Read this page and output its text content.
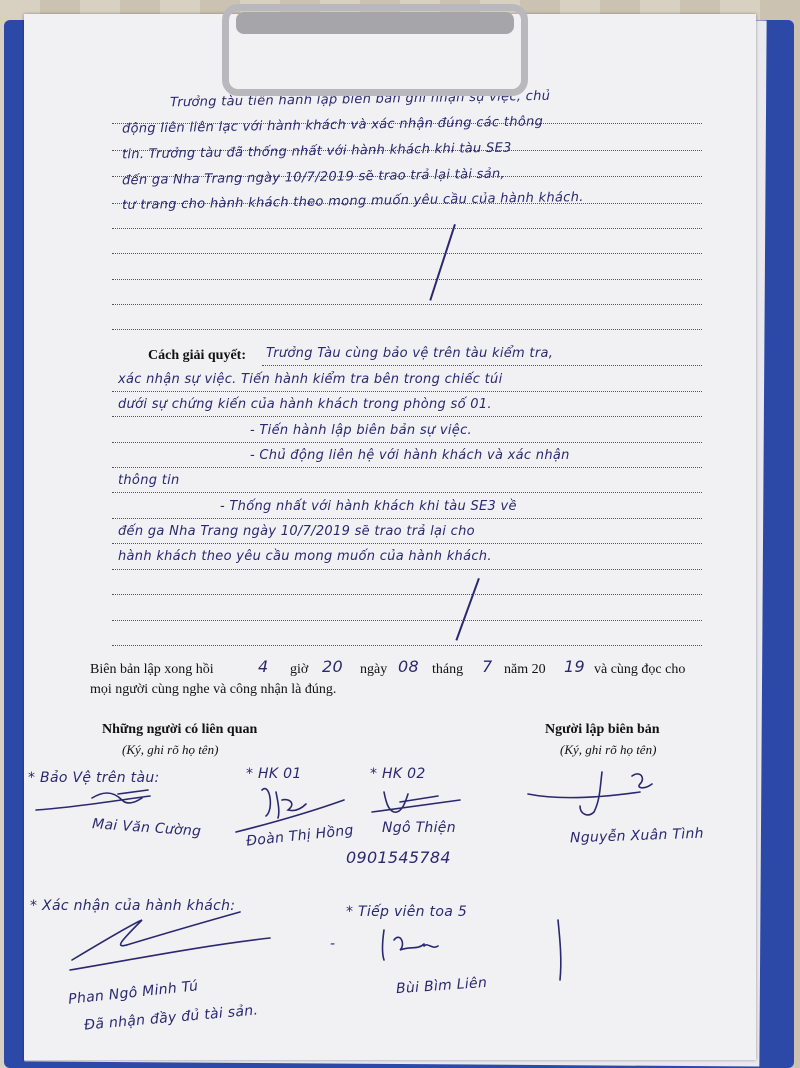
Trưởng tàu tiến hành lập biên bản ghi nhận sự việc, chủ
động liên liên lạc với hành khách và xác nhận đúng các thông
tin. Trưởng tàu đã thống nhất với hành khách khi tàu SE3
đến ga Nha Trang ngày 10/7/2019 sẽ trao trả lại tài sản,
tư trang cho hành khách theo mong muốn yêu cầu của hành khách.
Cách giải quyết: Trưởng Tàu cùng bảo vệ trên tàu kiểm tra,
xác nhận sự việc. Tiến hành kiểm tra bên trong chiếc túi
dưới sự chứng kiến của hành khách trong phòng số 01.
- Tiến hành lập biên bản sự việc.
- Chủ động liên hệ với hành khách và xác nhận
thông tin
- Thống nhất với hành khách khi tàu SE3 về
đến ga Nha Trang ngày 10/7/2019 sẽ trao trả lại cho
hành khách theo yêu cầu mong muốn của hành khách.
Biên bản lập xong hồi	4 giờ 20 ngày 08 tháng 7 năm 20 19 và cùng đọc cho
mọi người cùng nghe và công nhận là đúng.
Những người có liên quan
(Ký, ghi rõ họ tên)
Người lập biên bản
(Ký, ghi rõ họ tên)
* Bảo Vệ trên tàu:
Mai Văn Cường
* HK 01
Đoàn Thị Hồng
* HK 02
Ngô Thiện
0901545784
Nguyễn Xuân Tình
* Xác nhận của hành khách:
Phan Ngô Minh Tú
Đã nhận đầy đủ tài sản.
* Tiếp viên toa 5
-
Bùi Bìm Liên
